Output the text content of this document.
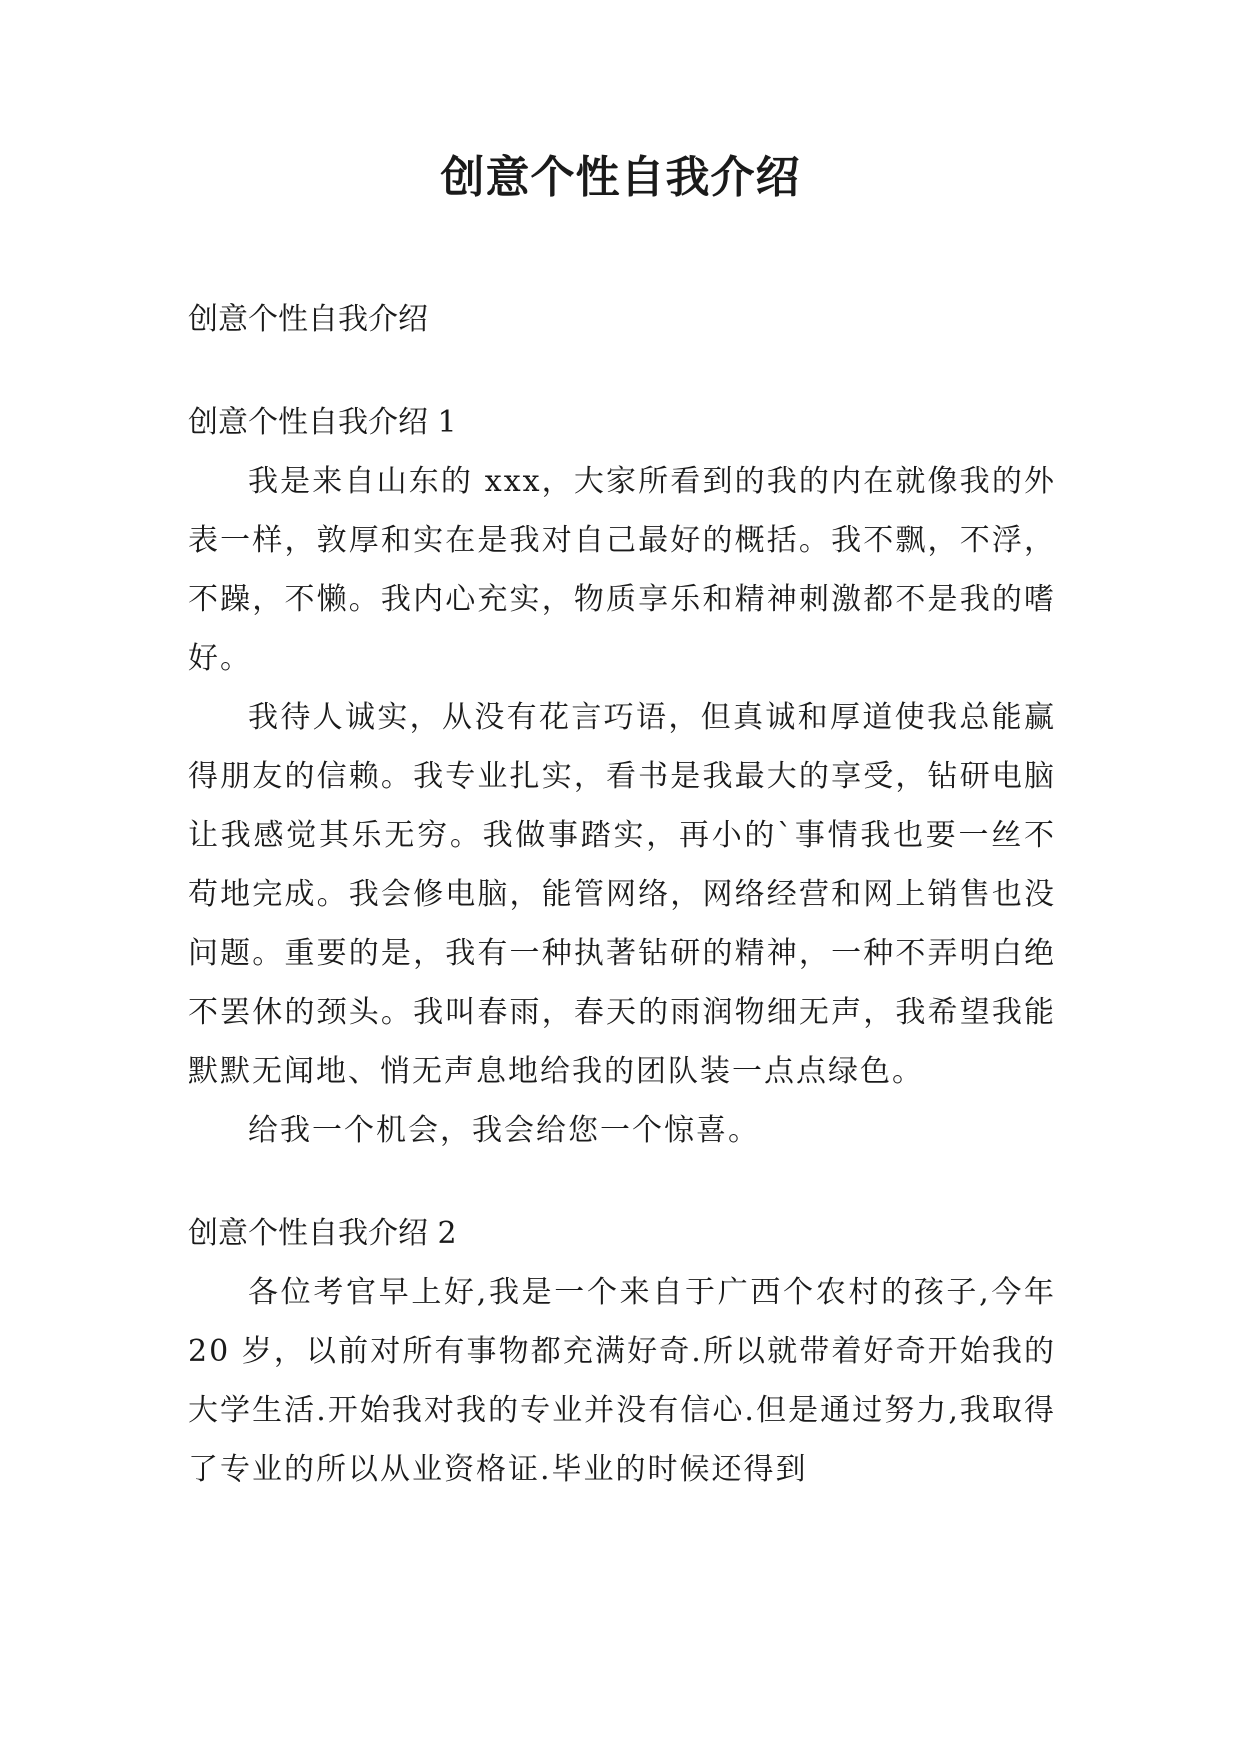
创意个性自我介绍

创意个性自我介绍

创意个性自我介绍 1

我是来自山东的 xxx，大家所看到的我的内在就像我的外表一样，敦厚和实在是我对自己最好的概括。我不飘，不浮，不躁，不懒。我内心充实，物质享乐和精神刺激都不是我的嗜好。

我待人诚实，从没有花言巧语，但真诚和厚道使我总能赢得朋友的信赖。我专业扎实，看书是我最大的享受，钻研电脑让我感觉其乐无穷。我做事踏实，再小的`事情我也要一丝不苟地完成。我会修电脑，能管网络，网络经营和网上销售也没问题。重要的是，我有一种执著钻研的精神，一种不弄明白绝不罢休的颈头。我叫春雨，春天的雨润物细无声，我希望我能默默无闻地、悄无声息地给我的团队装一点点绿色。

给我一个机会，我会给您一个惊喜。

创意个性自我介绍 2

各位考官早上好,我是一个来自于广西个农村的孩子,今年 20 岁，以前对所有事物都充满好奇.所以就带着好奇开始我的大学生活.开始我对我的专业并没有信心.但是通过努力,我取得了专业的所以从业资格证.毕业的时候还得到
